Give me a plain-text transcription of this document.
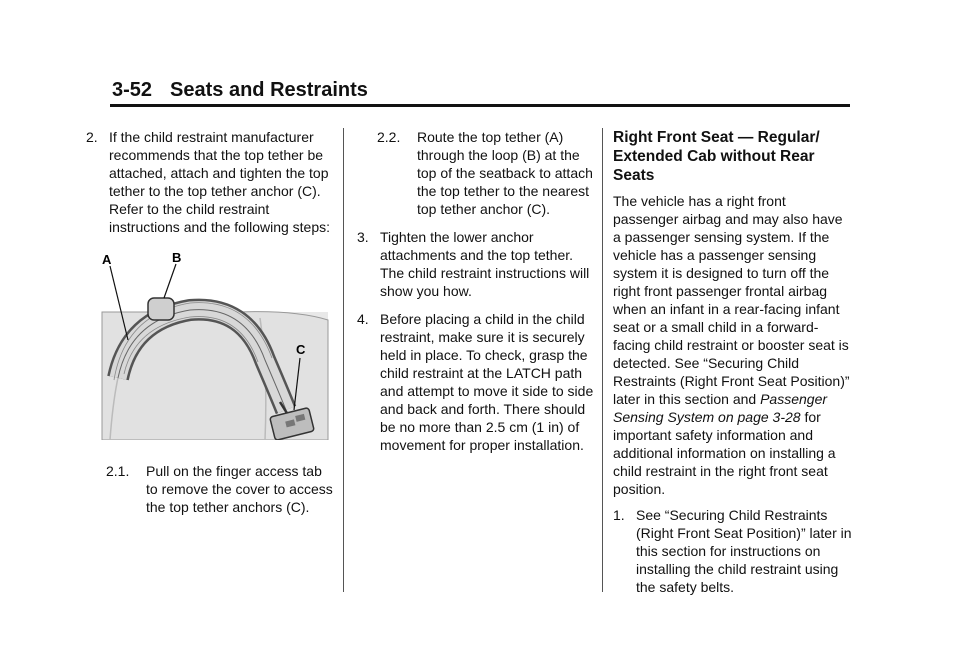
3-52 Seats and Restraints
2. If the child restraint manufacturer recommends that the top tether be attached, attach and tighten the top tether to the top tether anchor (C). Refer to the child restraint instructions and the following steps:
A	B
C
2.1.	Pull on the finger access tab to remove the cover to access the top tether anchors (C).
2.2.	Route the top tether (A) through the loop (B) at the top of the seatback to attach the top tether to the nearest top tether anchor (C).
3. Tighten the lower anchor attachments and the top tether. The child restraint instructions will show you how.
4. Before placing a child in the child restraint, make sure it is securely held in place. To check, grasp the child restraint at the LATCH path and attempt to move it side to side and back and forth. There should be no more than 2.5 cm (1 in) of movement for proper installation.
Right Front Seat — Regular/ Extended Cab without Rear Seats

The vehicle has a right front passenger airbag and may also have a passenger sensing system. If the vehicle has a passenger sensing system it is designed to turn off the right front passenger frontal airbag when an infant in a rear-facing infant seat or a small child in a forward-facing child restraint or booster seat is detected. See “Securing Child Restraints (Right Front Seat Position)” later in this section and Passenger Sensing System on page 3-28 for important safety information and additional information on installing a child restraint in the right front seat position.

1. See “Securing Child Restraints (Right Front Seat Position)” later in this section for instructions on installing the child restraint using the safety belts.
